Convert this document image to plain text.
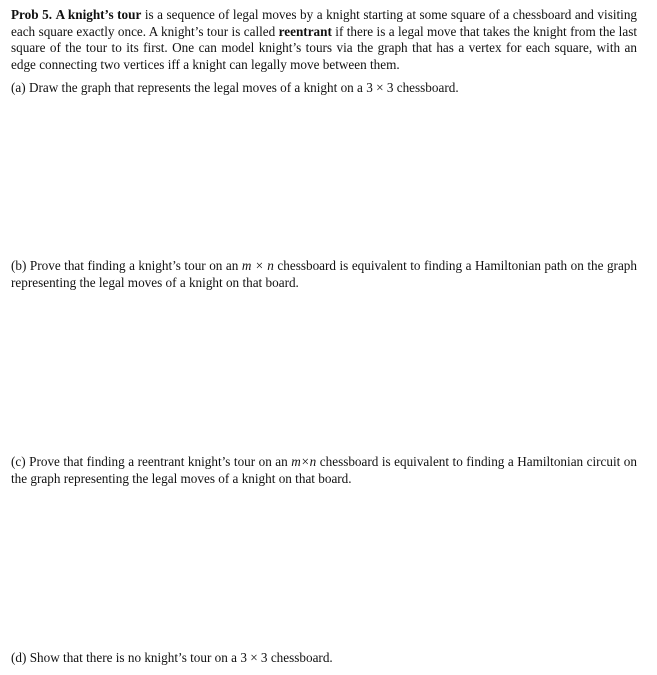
Prob 5. A knight’s tour is a sequence of legal moves by a knight starting at some square of a chessboard and visiting each square exactly once. A knight’s tour is called reentrant if there is a legal move that takes the knight from the last square of the tour to its first. One can model knight’s tours via the graph that has a vertex for each square, with an edge connecting two vertices iff a knight can legally move between them.

(a) Draw the graph that represents the legal moves of a knight on a 3 × 3 chessboard.

(b) Prove that finding a knight’s tour on an m × n chessboard is equivalent to finding a Hamiltonian path on the graph representing the legal moves of a knight on that board.

(c) Prove that finding a reentrant knight’s tour on an m×n chessboard is equivalent to finding a Hamiltonian circuit on the graph representing the legal moves of a knight on that board.

(d) Show that there is no knight’s tour on a 3 × 3 chessboard.
